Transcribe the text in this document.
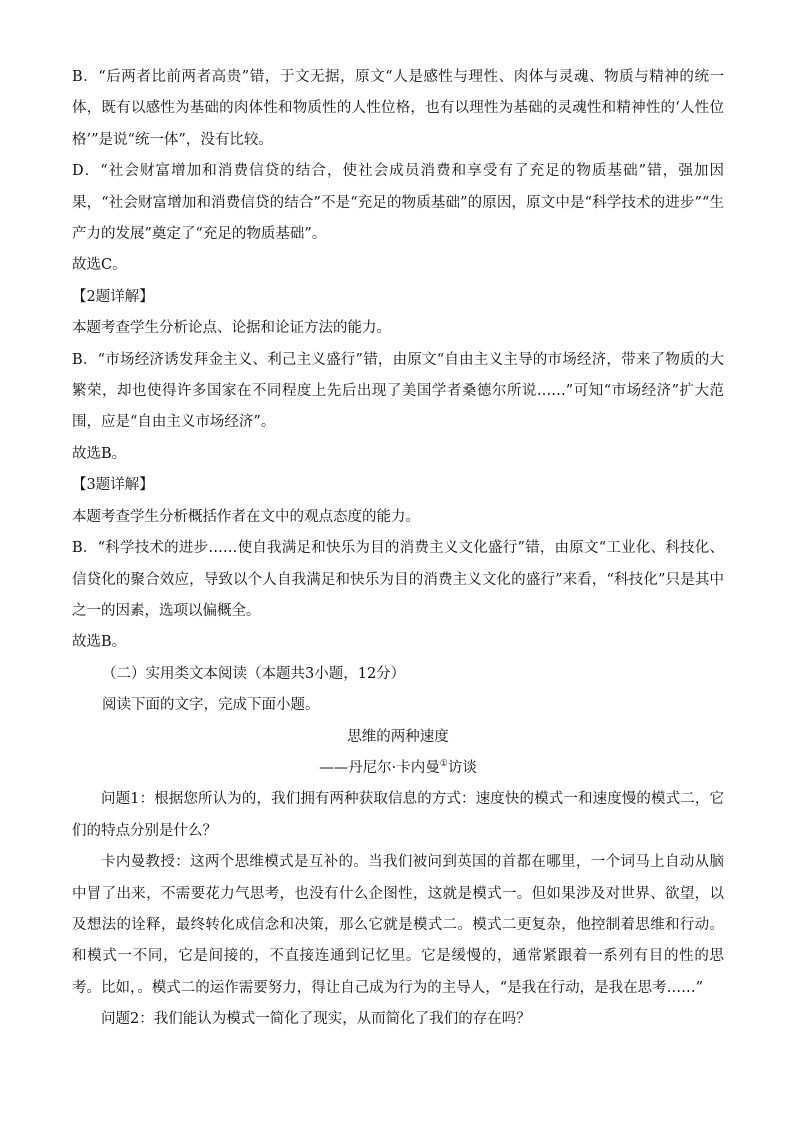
B．“后两者比前两者高贵”错，于文无据，原文“人是感性与理性、肉体与灵魂、物质与精神的统一体，既有以感性为基础的肉体性和物质性的人性位格，也有以理性为基础的灵魂性和精神性的‘人性位格’”是说“统一体”，没有比较。

D．“社会财富增加和消费信贷的结合，使社会成员消费和享受有了充足的物质基础”错，强加因果，“社会财富增加和消费信贷的结合”不是“充足的物质基础”的原因，原文中是“科学技术的进步”“生产力的发展”奠定了“充足的物质基础”。

故选C。

【2题详解】

本题考查学生分析论点、论据和论证方法的能力。

B．“市场经济诱发拜金主义、利己主义盛行”错，由原文“自由主义主导的市场经济，带来了物质的大繁荣，却也使得许多国家在不同程度上先后出现了美国学者桑德尔所说……”可知“市场经济”扩大范围，应是“自由主义市场经济”。

故选B。

【3题详解】

本题考查学生分析概括作者在文中的观点态度的能力。

B．“科学技术的进步……使自我满足和快乐为目的消费主义文化盛行”错，由原文“工业化、科技化、信贷化的聚合效应，导致以个人自我满足和快乐为目的消费主义文化的盛行”来看，“科技化”只是其中之一的因素，选项以偏概全。

故选B。

（二）实用类文本阅读（本题共3小题，12分）

阅读下面的文字，完成下面小题。

思维的两种速度

——丹尼尔·卡内曼①访谈

问题1：根据您所认为的，我们拥有两种获取信息的方式：速度快的模式一和速度慢的模式二，它们的特点分别是什么？

卡内曼教授：这两个思维模式是互补的。当我们被问到英国的首都在哪里，一个词马上自动从脑中冒了出来，不需要花力气思考，也没有什么企图性，这就是模式一。但如果涉及对世界、欲望，以及想法的诠释，最终转化成信念和决策，那么它就是模式二。模式二更复杂，他控制着思维和行动。和模式一不同，它是间接的，不直接连通到记忆里。它是缓慢的，通常紧跟着一系列有目的性的思考。比如，。模式二的运作需要努力，得让自己成为行为的主导人，“是我在行动，是我在思考……”

问题2：我们能认为模式一简化了现实，从而简化了我们的存在吗？
